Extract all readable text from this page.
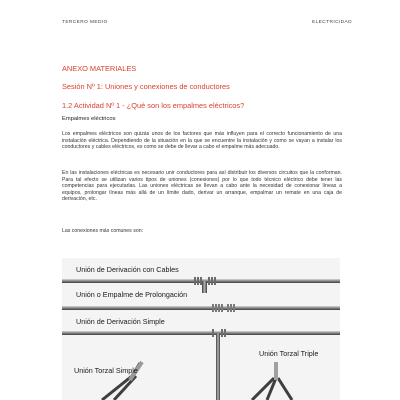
TERCERO MEDIO	ELECTRICIDAD
ANEXO MATERIALES
Sesión Nº 1: Uniones y conexiones de conductores
1.2 Actividad Nº 1 - ¿Qué son los empalmes eléctricos?
Empalmes eléctricos
Los empalmes eléctricos son quizás unos de los factores que más influyen para el correcto funcionamiento de una instalación eléctrica. Dependiendo de la situación en la que se encuentre la instalación y como se vayan a instalar los conductores y cables eléctricos, es como se debe de llevar a cabo el empalme más adecuado.
En las instalaciones eléctricas es necesario unir conductores para así distribuir los diversos circuitos que la conforman. Para tal efecto se utilizan varios tipos de uniones (conexiones) por lo que todo técnico eléctrico debe tener las competencias para ejecutarlas. Las uniones eléctricas se llevan a cabo ante la necesidad de conexionar líneas a equipos, prolongar líneas más allá de un límite dado, derivar un arranque, empalmar un remate en una caja de derivación, etc.
Las conexiones más comunes son:
Unión de Derivación con Cables
Unión o Empalme de Prolongación
Unión de Derivación Simple
Unión Torzal Triple
Unión Torzal Simple
